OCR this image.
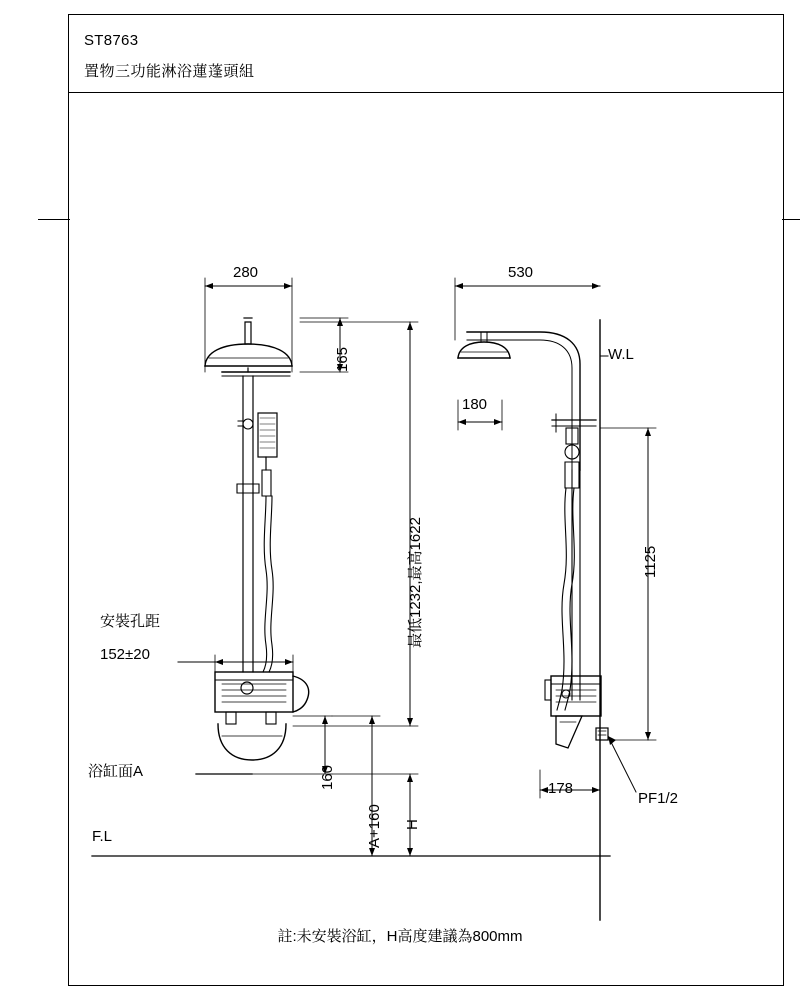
ST8763
置物三功能淋浴蓮蓬頭組
280
165
安裝孔距
152±20
浴缸面A
F.L
160
A+160 H
最低1232,最高1622
530
180
W.L
1125
178
PF1/2
註:未安裝浴缸，H高度建議為800mm
